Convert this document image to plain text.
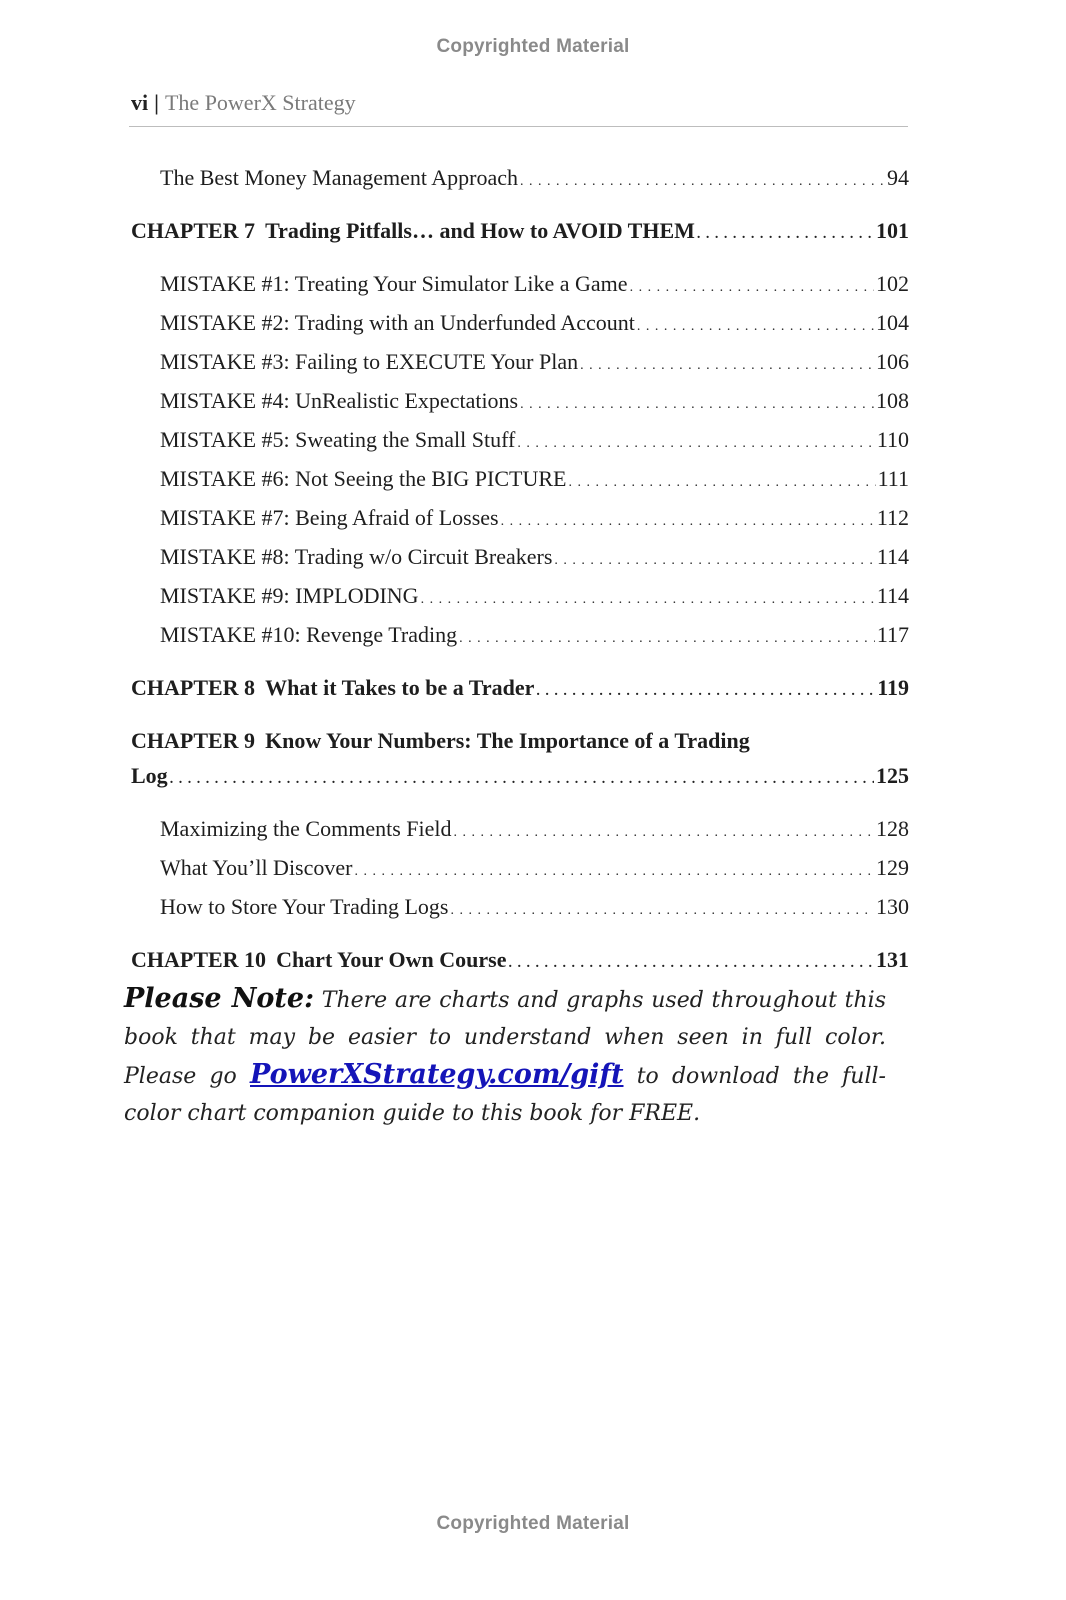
Copyrighted Material
vi | The PowerX Strategy
The Best Money Management Approach . . .	94
CHAPTER 7 Trading Pitfalls… and How to AVOID THEM . . .	101
MISTAKE #1: Treating Your Simulator Like a Game . . .	102
MISTAKE #2: Trading with an Underfunded Account . . .	104
MISTAKE #3: Failing to EXECUTE Your Plan . . .	106
MISTAKE #4: UnRealistic Expectations . . .	108
MISTAKE #5: Sweating the Small Stuff . . .	110
MISTAKE #6: Not Seeing the BIG PICTURE . . .	111
MISTAKE #7: Being Afraid of Losses . . .	112
MISTAKE #8: Trading w/o Circuit Breakers . . .	114
MISTAKE #9: IMPLODING . . .	114
MISTAKE #10: Revenge Trading . . .	117
CHAPTER 8 What it Takes to be a Trader . . .	119
CHAPTER 9 Know Your Numbers: The Importance of a Trading
Log . . .	125
Maximizing the Comments Field . . .	128
What You’ll Discover . . .	129
How to Store Your Trading Logs . . .	130
CHAPTER 10 Chart Your Own Course . . .	131
Please Note: There are charts and graphs used throughout this book that may be easier to understand when seen in full color. Please go PowerXStrategy.com/gift to download the full-color chart companion guide to this book for FREE.
Copyrighted Material
